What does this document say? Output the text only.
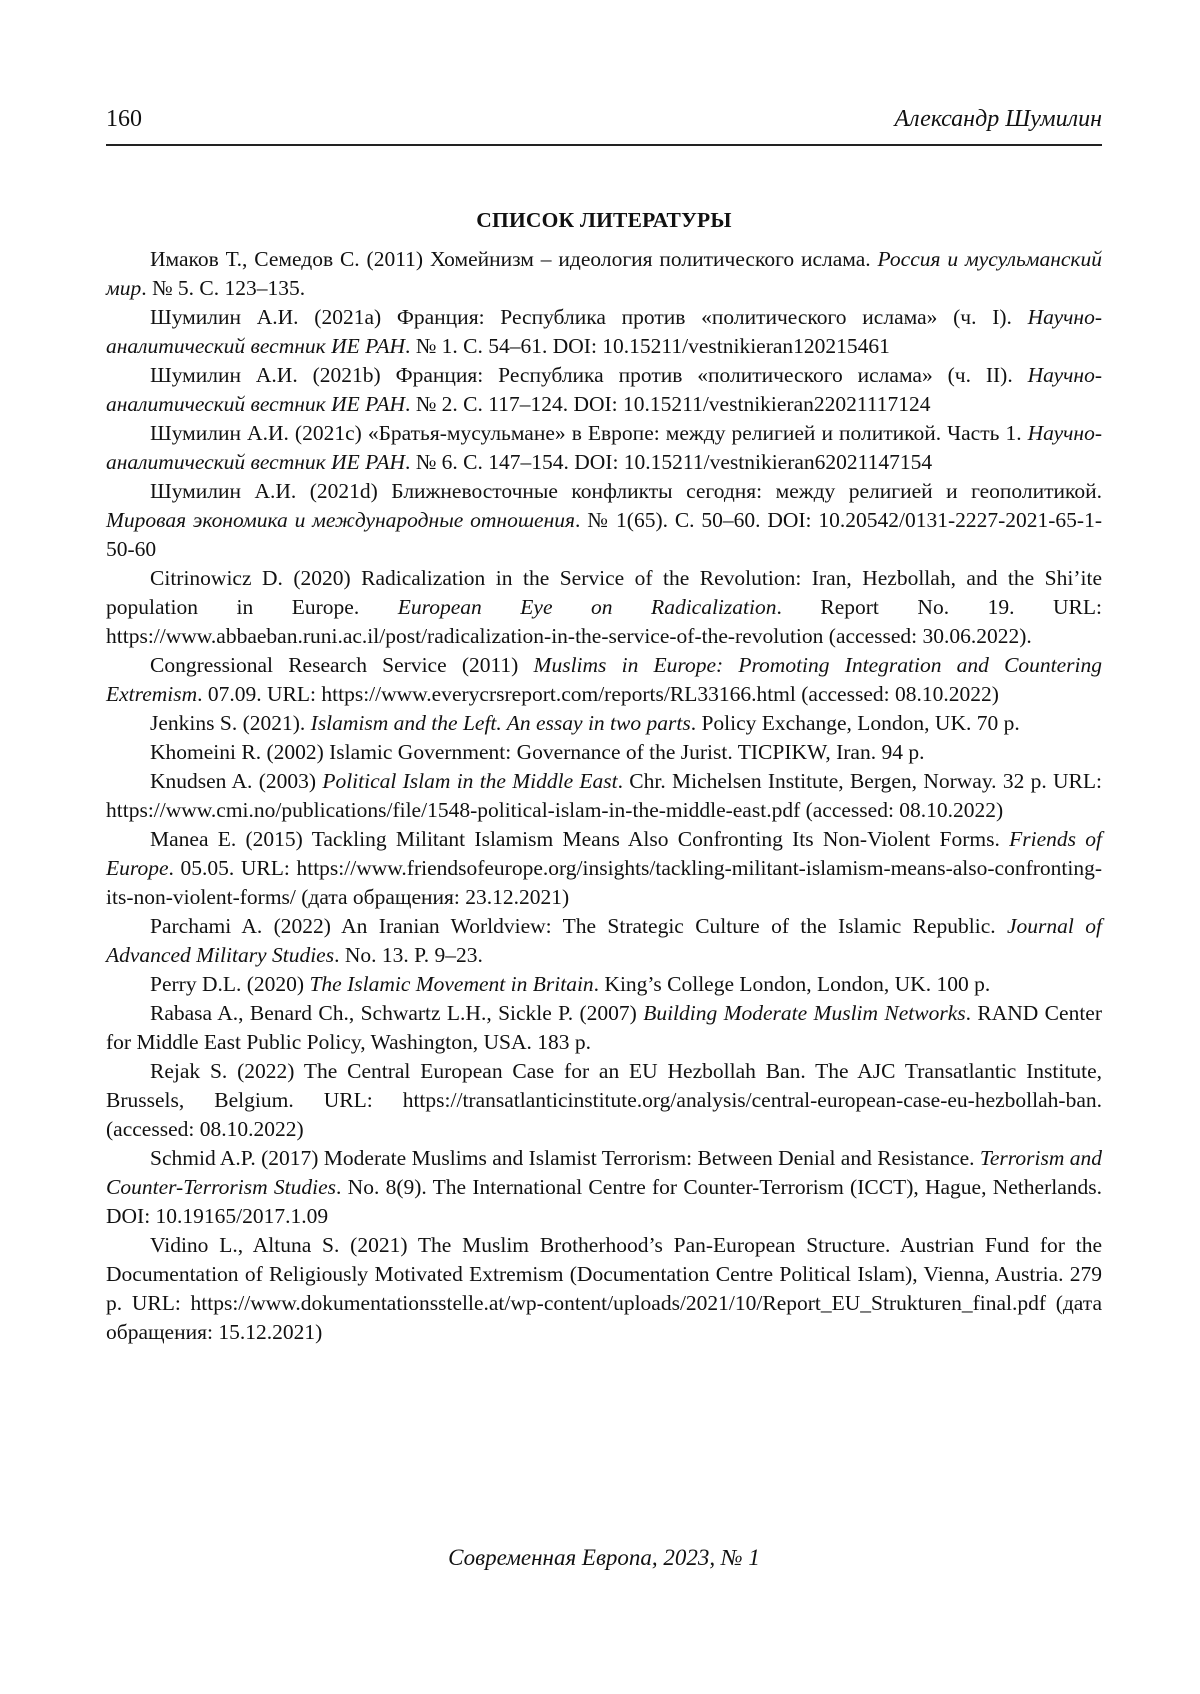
160	Александр Шумилин
СПИСОК ЛИТЕРАТУРЫ

Имаков Т., Семедов С. (2011) Хомейнизм – идеология политического ислама. Россия и мусульманский мир. № 5. С. 123–135.

Шумилин А.И. (2021a) Франция: Республика против «политического ислама» (ч. I). Научно-аналитический вестник ИЕ РАН. № 1. С. 54–61. DOI: 10.15211/vestnikieran120215461

Шумилин А.И. (2021b) Франция: Республика против «политического ислама» (ч. II). Научно-аналитический вестник ИЕ РАН. № 2. С. 117–124. DOI: 10.15211/vestnikieran22021117124

Шумилин А.И. (2021c) «Братья-мусульмане» в Европе: между религией и политикой. Часть 1. Научно-аналитический вестник ИЕ РАН. № 6. С. 147–154. DOI: 10.15211/vestnikieran62021147154

Шумилин А.И. (2021d) Ближневосточные конфликты сегодня: между религией и геополитикой. Мировая экономика и международные отношения. № 1(65). С. 50–60. DOI: 10.20542/0131-2227-2021-65-1-50-60

Citrinowicz D. (2020) Radicalization in the Service of the Revolution: Iran, Hezbollah, and the Shi’ite population in Europe. European Eye on Radicalization. Report No. 19. URL: https://www.abbaeban.runi.ac.il/post/radicalization-in-the-service-of-the-revolution (accessed: 30.06.2022).

Congressional Research Service (2011) Muslims in Europe: Promoting Integration and Countering Extremism. 07.09. URL: https://www.everycrsreport.com/reports/RL33166.html (accessed: 08.10.2022)

Jenkins S. (2021). Islamism and the Left. An essay in two parts. Policy Exchange, London, UK. 70 p.

Khomeini R. (2002) Islamic Government: Governance of the Jurist. TICPIKW, Iran. 94 p.

Knudsen A. (2003) Political Islam in the Middle East. Chr. Michelsen Institute, Bergen, Norway. 32 p. URL: https://www.cmi.no/publications/file/1548-political-islam-in-the-middle-east.pdf (accessed: 08.10.2022)

Manea E. (2015) Tackling Militant Islamism Means Also Confronting Its Non-Violent Forms. Friends of Europe. 05.05. URL: https://www.friendsofeurope.org/insights/tackling-militant-islamism-means-also-confronting-its-non-violent-forms/ (дата обращения: 23.12.2021)

Parchami A. (2022) An Iranian Worldview: The Strategic Culture of the Islamic Republic. Journal of Advanced Military Studies. No. 13. P. 9–23.

Perry D.L. (2020) The Islamic Movement in Britain. King’s College London, London, UK. 100 p.

Rabasa A., Benard Ch., Schwartz L.H., Sickle P. (2007) Building Moderate Muslim Networks. RAND Center for Middle East Public Policy, Washington, USA. 183 p.

Rejak S. (2022) The Central European Case for an EU Hezbollah Ban. The AJC Transatlantic Institute, Brussels, Belgium. URL: https://transatlanticinstitute.org/analysis/central-european-case-eu-hezbollah-ban. (accessed: 08.10.2022)

Schmid A.P. (2017) Moderate Muslims and Islamist Terrorism: Between Denial and Resistance. Terrorism and Counter-Terrorism Studies. No. 8(9). The International Centre for Counter-Terrorism (ICCT), Hague, Netherlands. DOI: 10.19165/2017.1.09

Vidino L., Altuna S. (2021) The Muslim Brotherhood’s Pan-European Structure. Austrian Fund for the Documentation of Religiously Motivated Extremism (Documentation Centre Political Islam), Vienna, Austria. 279 p. URL: https://www.dokumentationsstelle.at/wp-content/uploads/2021/10/Report_EU_Strukturen_final.pdf (дата обращения: 15.12.2021)

Современная Европа, 2023, № 1
